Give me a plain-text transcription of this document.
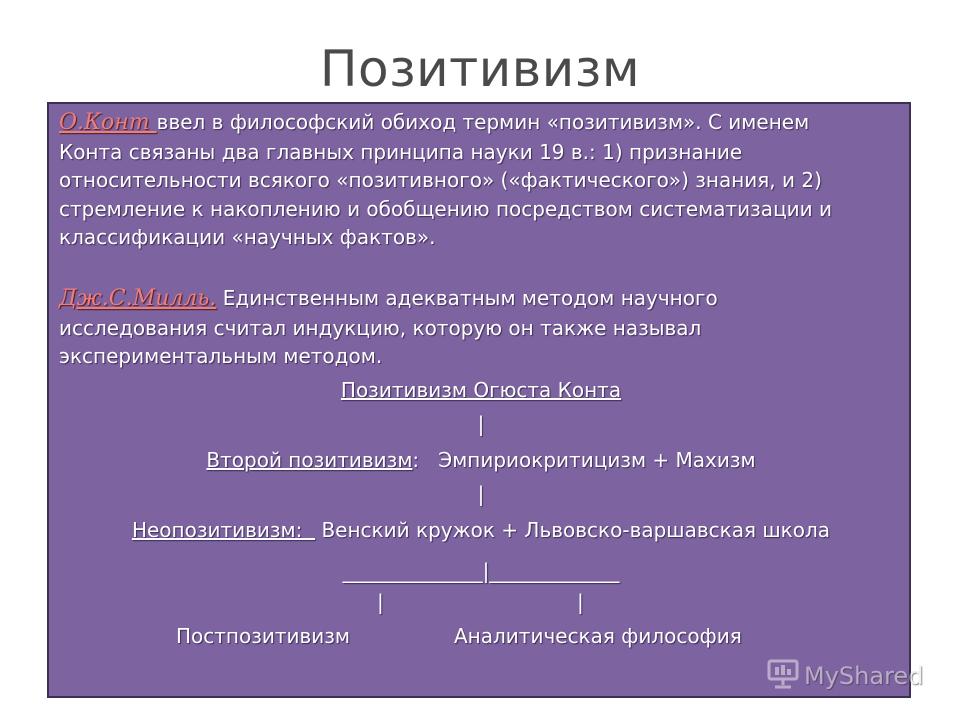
Позитивизм

О.Конт ввел в философский обиход термин «позитивизм». С именем Конта связаны два главных принципа науки 19 в.: 1) признание относительности всякого «позитивного» («фактического») знания, и 2) стремление к накоплению и обобщению посредством систематизации и классификации «научных фактов».

Дж.С.Милль. Единственным адекватным методом научного исследования считал индукцию, которую он также называл экспериментальным методом.

Позитивизм Огюста Конта
|
Второй позитивизм:   Эмпириокритицизм + Махизм
|
Неопозитивизм:   Венский кружок + Львовско-варшавская школа
______________|_____________
|	|
Постпозитивизм	Аналитическая философия
MyShared
